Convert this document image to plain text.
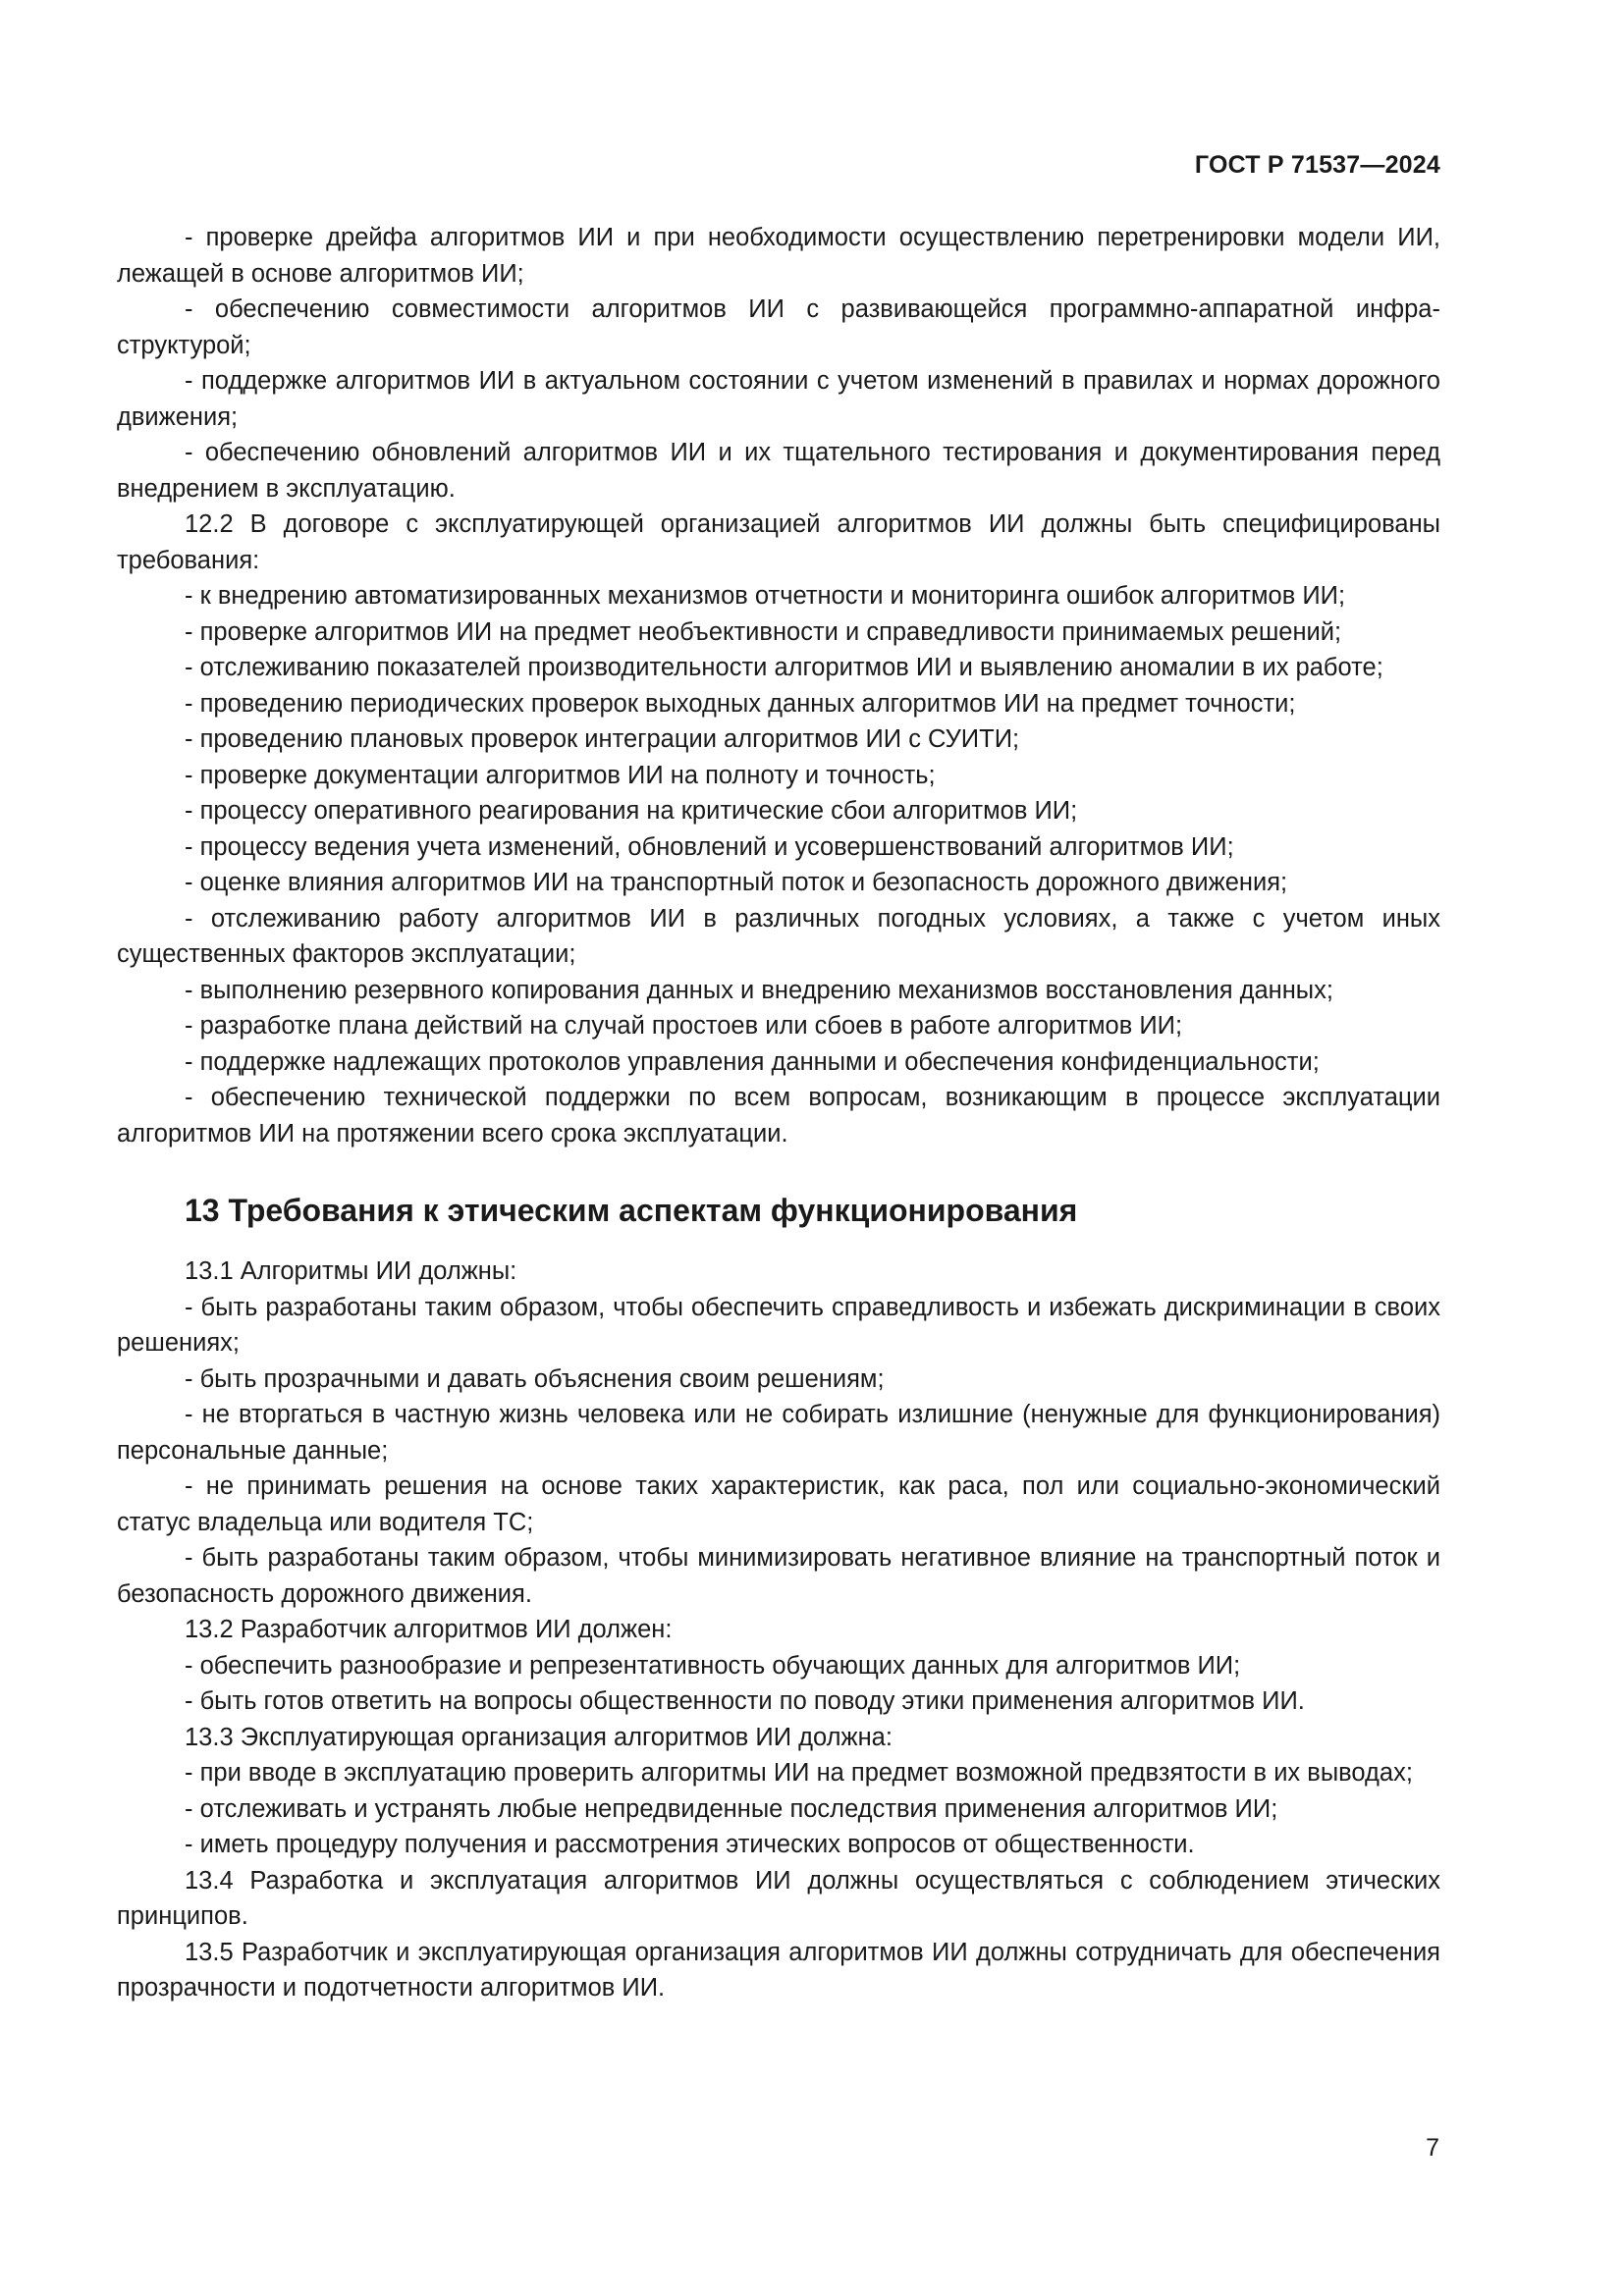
ГОСТ Р 71537—2024

- проверке дрейфа алгоритмов ИИ и при необходимости осуществлению перетренировки модели ИИ, лежащей в основе алгоритмов ИИ;

- обеспечению совместимости алгоритмов ИИ с развивающейся программно-аппаратной инфраструктурой;

- поддержке алгоритмов ИИ в актуальном состоянии с учетом изменений в правилах и нормах дорожного движения;

- обеспечению обновлений алгоритмов ИИ и их тщательного тестирования и документирования перед внедрением в эксплуатацию.

12.2 В договоре с эксплуатирующей организацией алгоритмов ИИ должны быть специфицированы требования:

- к внедрению автоматизированных механизмов отчетности и мониторинга ошибок алгоритмов ИИ;

- проверке алгоритмов ИИ на предмет необъективности и справедливости принимаемых решений;

- отслеживанию показателей производительности алгоритмов ИИ и выявлению аномалии в их работе;

- проведению периодических проверок выходных данных алгоритмов ИИ на предмет точности;

- проведению плановых проверок интеграции алгоритмов ИИ с СУИТИ;

- проверке документации алгоритмов ИИ на полноту и точность;

- процессу оперативного реагирования на критические сбои алгоритмов ИИ;

- процессу ведения учета изменений, обновлений и усовершенствований алгоритмов ИИ;

- оценке влияния алгоритмов ИИ на транспортный поток и безопасность дорожного движения;

- отслеживанию работу алгоритмов ИИ в различных погодных условиях, а также с учетом иных существенных факторов эксплуатации;

- выполнению резервного копирования данных и внедрению механизмов восстановления данных;

- разработке плана действий на случай простоев или сбоев в работе алгоритмов ИИ;

- поддержке надлежащих протоколов управления данными и обеспечения конфиденциальности;

- обеспечению технической поддержки по всем вопросам, возникающим в процессе эксплуатации алгоритмов ИИ на протяжении всего срока эксплуатации.

13 Требования к этическим аспектам функционирования

13.1 Алгоритмы ИИ должны:

- быть разработаны таким образом, чтобы обеспечить справедливость и избежать дискриминации в своих решениях;

- быть прозрачными и давать объяснения своим решениям;

- не вторгаться в частную жизнь человека или не собирать излишние (ненужные для функционирования) персональные данные;

- не принимать решения на основе таких характеристик, как раса, пол или социально-экономический статус владельца или водителя ТС;

- быть разработаны таким образом, чтобы минимизировать негативное влияние на транспортный поток и безопасность дорожного движения.

13.2 Разработчик алгоритмов ИИ должен:

- обеспечить разнообразие и репрезентативность обучающих данных для алгоритмов ИИ;

- быть готов ответить на вопросы общественности по поводу этики применения алгоритмов ИИ.

13.3 Эксплуатирующая организация алгоритмов ИИ должна:

- при вводе в эксплуатацию проверить алгоритмы ИИ на предмет возможной предвзятости в их выводах;

- отслеживать и устранять любые непредвиденные последствия применения алгоритмов ИИ;

- иметь процедуру получения и рассмотрения этических вопросов от общественности.

13.4 Разработка и эксплуатация алгоритмов ИИ должны осуществляться с соблюдением этических принципов.

13.5 Разработчик и эксплуатирующая организация алгоритмов ИИ должны сотрудничать для обеспечения прозрачности и подотчетности алгоритмов ИИ.

7
